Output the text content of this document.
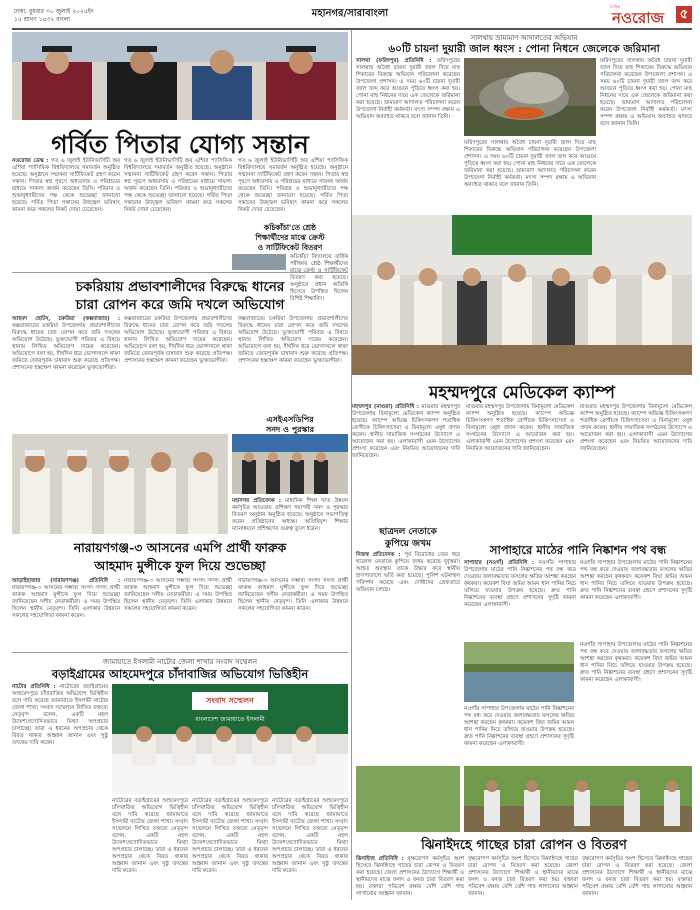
ঢাকা, বুধবার ৩০ জুলাই ২০২৫ইং
১৫ শ্রাবণ ১৪৩২ বাংলা
মহানগর/সারাবাংলা
দৈনিক
নওরোজ ৫
গর্বিত পিতার যোগ্য সন্তান
নওরোজ ডেস্ক : গত ৬ জুলাই ইউনিভার্সিটি অব এশিয়া প্যাসিফিক বিশ্ববিদ্যালয়ে সমাবর্তন অনুষ্ঠিত হয়েছে। অনুষ্ঠানে সম্মাননা সার্টিফিকেট গ্রহণ করেন সন্তান। পিতার স্বপ্ন পূরণে অধ্যবসায় ও পরিশ্রমের মাধ্যমে সাফল্য অর্জন করেছেন তিনি। পরিবার ও শুভানুধ্যায়ীদের পক্ষ থেকে শুভেচ্ছা জানানো হয়েছে। গর্বিত পিতা সন্তানের উজ্জ্বল ভবিষ্যৎ কামনা করে সকলের নিকট দোয়া চেয়েছেন।
গত ৬ জুলাই ইউনিভার্সিটি অব এশিয়া প্যাসিফিক বিশ্ববিদ্যালয়ে সমাবর্তন অনুষ্ঠিত হয়েছে। অনুষ্ঠানে সম্মাননা সার্টিফিকেট গ্রহণ করেন সন্তান। পিতার স্বপ্ন পূরণে অধ্যবসায় ও পরিশ্রমের মাধ্যমে সাফল্য অর্জন করেছেন তিনি। পরিবার ও শুভানুধ্যায়ীদের পক্ষ থেকে শুভেচ্ছা জানানো হয়েছে। গর্বিত পিতা সন্তানের উজ্জ্বল ভবিষ্যৎ কামনা করে সকলের নিকট দোয়া চেয়েছেন।
গত ৬ জুলাই ইউনিভার্সিটি অব এশিয়া প্যাসিফিক বিশ্ববিদ্যালয়ে সমাবর্তন অনুষ্ঠিত হয়েছে। অনুষ্ঠানে সম্মাননা সার্টিফিকেট গ্রহণ করেন সন্তান। পিতার স্বপ্ন পূরণে অধ্যবসায় ও পরিশ্রমের মাধ্যমে সাফল্য অর্জন করেছেন তিনি। পরিবার ও শুভানুধ্যায়ীদের পক্ষ থেকে শুভেচ্ছা জানানো হয়েছে। গর্বিত পিতা সন্তানের উজ্জ্বল ভবিষ্যৎ কামনা করে সকলের নিকট দোয়া চেয়েছেন।
সালথায় ভ্রাম্যমাণ আদালতের অভিযান
৬০টি চায়না দুয়ারী জাল ধ্বংস : পোনা নিধনে জেলেকে জরিমানা
সালথা (ফরিদপুর) প্রতিনিধি : ফরিদপুরের সালথায় অবৈধ চায়না দুয়ারী জাল দিয়ে মাছ শিকারের বিরুদ্ধে অভিযান পরিচালনা করেছেন উপজেলা প্রশাসন। এ সময় ৬০টি চায়না দুয়ারী জাল জব্দ করে আগুনে পুড়িয়ে ধ্বংস করা হয়। পোনা মাছ নিধনের দায়ে এক জেলেকে জরিমানা করা হয়েছে। ভ্রাম্যমাণ আদালত পরিচালনা করেন উপজেলা নির্বাহী কর্মকর্তা। মৎস্য সম্পদ রক্ষায় এ অভিযান অব্যাহত থাকবে বলে জানান তিনি।
ফরিদপুরের সালথায় অবৈধ চায়না দুয়ারী জাল দিয়ে মাছ শিকারের বিরুদ্ধে অভিযান পরিচালনা করেছেন উপজেলা প্রশাসন। এ সময় ৬০টি চায়না দুয়ারী জাল জব্দ করে আগুনে পুড়িয়ে ধ্বংস করা হয়। পোনা মাছ নিধনের দায়ে এক জেলেকে জরিমানা করা হয়েছে। ভ্রাম্যমাণ আদালত পরিচালনা করেন উপজেলা নির্বাহী কর্মকর্তা। মৎস্য সম্পদ রক্ষায় এ অভিযান অব্যাহত থাকবে বলে জানান তিনি।
ফরিদপুরের সালথায় অবৈধ চায়না দুয়ারী জাল দিয়ে মাছ শিকারের বিরুদ্ধে অভিযান পরিচালনা করেছেন উপজেলা প্রশাসন। এ সময় ৬০টি চায়না দুয়ারী জাল জব্দ করে আগুনে পুড়িয়ে ধ্বংস করা হয়। পোনা মাছ নিধনের দায়ে এক জেলেকে জরিমানা করা হয়েছে। ভ্রাম্যমাণ আদালত পরিচালনা করেন উপজেলা নির্বাহী কর্মকর্তা। মৎস্য সম্পদ রক্ষায় এ অভিযান অব্যাহত থাকবে বলে জানান তিনি।
মহম্মদপুরে মেডিকেল ক্যাম্প
মহম্মদপুর (মাগুরা) প্রতিনিধি : মাগুরার মহম্মদপুর উপজেলায় বিনামূল্যে মেডিকেল ক্যাম্প অনুষ্ঠিত হয়েছে। ক্যাম্পে অভিজ্ঞ চিকিৎসকগণ শতাধিক রোগীকে চিকিৎসাসেবা ও বিনামূল্যে ওষুধ প্রদান করেন। স্থানীয় সামাজিক সংগঠনের উদ্যোগে এ আয়োজন করা হয়। এলাকাবাসী এমন উদ্যোগের প্রশংসা করেছেন এবং নিয়মিত আয়োজনের দাবি জানিয়েছেন।
মাগুরার মহম্মদপুর উপজেলায় বিনামূল্যে মেডিকেল ক্যাম্প অনুষ্ঠিত হয়েছে। ক্যাম্পে অভিজ্ঞ চিকিৎসকগণ শতাধিক রোগীকে চিকিৎসাসেবা ও বিনামূল্যে ওষুধ প্রদান করেন। স্থানীয় সামাজিক সংগঠনের উদ্যোগে এ আয়োজন করা হয়। এলাকাবাসী এমন উদ্যোগের প্রশংসা করেছেন এবং নিয়মিত আয়োজনের দাবি জানিয়েছেন।
মাগুরার মহম্মদপুর উপজেলায় বিনামূল্যে মেডিকেল ক্যাম্প অনুষ্ঠিত হয়েছে। ক্যাম্পে অভিজ্ঞ চিকিৎসকগণ শতাধিক রোগীকে চিকিৎসাসেবা ও বিনামূল্যে ওষুধ প্রদান করেন। স্থানীয় সামাজিক সংগঠনের উদ্যোগে এ আয়োজন করা হয়। এলাকাবাসী এমন উদ্যোগের প্রশংসা করেছেন এবং নিয়মিত আয়োজনের দাবি জানিয়েছেন।
চকরিয়ায় প্রভাবশালীদের বিরুদ্ধে ধানের
চারা রোপন করে জমি দখলে অভিযোগ
আহমদ ছোটন, চকরিয়া (কক্সবাজার) : কক্সবাজারের চকরিয়া উপজেলায় প্রভাবশালীদের বিরুদ্ধে ধানের চারা রোপন করে জমি দখলের অভিযোগ উঠেছে। ভুক্তভোগী পরিবার এ বিষয়ে থানায় লিখিত অভিযোগ দায়ের করেছেন। অভিযোগে বলা হয়, দীর্ঘদিন ধরে ভোগদখলে থাকা জমিতে জোরপূর্বক চাষাবাদ শুরু করেছে প্রতিপক্ষ। প্রশাসনের হস্তক্ষেপ কামনা করেছেন ভুক্তভোগীরা।
কক্সবাজারের চকরিয়া উপজেলায় প্রভাবশালীদের বিরুদ্ধে ধানের চারা রোপন করে জমি দখলের অভিযোগ উঠেছে। ভুক্তভোগী পরিবার এ বিষয়ে থানায় লিখিত অভিযোগ দায়ের করেছেন। অভিযোগে বলা হয়, দীর্ঘদিন ধরে ভোগদখলে থাকা জমিতে জোরপূর্বক চাষাবাদ শুরু করেছে প্রতিপক্ষ। প্রশাসনের হস্তক্ষেপ কামনা করেছেন ভুক্তভোগীরা।
কক্সবাজারের চকরিয়া উপজেলায় প্রভাবশালীদের বিরুদ্ধে ধানের চারা রোপন করে জমি দখলের অভিযোগ উঠেছে। ভুক্তভোগী পরিবার এ বিষয়ে থানায় লিখিত অভিযোগ দায়ের করেছেন। অভিযোগে বলা হয়, দীর্ঘদিন ধরে ভোগদখলে থাকা জমিতে জোরপূর্বক চাষাবাদ শুরু করেছে প্রতিপক্ষ। প্রশাসনের হস্তক্ষেপ কামনা করেছেন ভুক্তভোগীরা।
কচিকাঁচা'তে শ্রেষ্ঠ
শিক্ষার্থীদের মাঝে ক্রেস্ট
ও সার্টিফিকেট বিতরণ
কচিকাঁচা বিদ্যালয়ে বার্ষিক পরীক্ষায় শ্রেষ্ঠ শিক্ষার্থীদের মাঝে ক্রেস্ট ও সার্টিফিকেট বিতরণ করা হয়েছে। অনুষ্ঠানে প্রধান অতিথি হিসেবে উপস্থিত ছিলেন বিশিষ্ট শিক্ষাবিদ।
এসইএসডিপির
সনদ ও পুরস্কার
মহানগর প্রতিবেদক : মাধ্যমিক শিক্ষা খাত উন্নয়ন কর্মসূচির আওতায় প্রশিক্ষণ সমাপনী সনদ ও পুরস্কার বিতরণ অনুষ্ঠান অনুষ্ঠিত হয়েছে। অনুষ্ঠানে সভাপতিত্ব করেন প্রতিষ্ঠানের অধ্যক্ষ। অতিথিবৃন্দ শিক্ষার মানোন্নয়নে প্রশিক্ষণের গুরুত্ব তুলে ধরেন।
নারায়ণগঞ্জ-৩ আসনের এমপি প্রার্থী ফারুক
আহমাদ মুন্সীকে ফুল দিয়ে শুভেচ্ছা
আড়াইহাজার (নারায়ণগঞ্জ) প্রতিনিধি : নারায়ণগঞ্জ-৩ আসনের সম্ভাব্য সংসদ সদস্য প্রার্থী ফারুক আহমাদ মুন্সীকে ফুল দিয়ে শুভেচ্ছা জানিয়েছেন দলীয় নেতাকর্মীরা। এ সময় উপস্থিত ছিলেন স্থানীয় নেতৃবৃন্দ। তিনি এলাকার উন্নয়নে সকলের সহযোগিতা কামনা করেন।
নারায়ণগঞ্জ-৩ আসনের সম্ভাব্য সংসদ সদস্য প্রার্থী ফারুক আহমাদ মুন্সীকে ফুল দিয়ে শুভেচ্ছা জানিয়েছেন দলীয় নেতাকর্মীরা। এ সময় উপস্থিত ছিলেন স্থানীয় নেতৃবৃন্দ। তিনি এলাকার উন্নয়নে সকলের সহযোগিতা কামনা করেন।
নারায়ণগঞ্জ-৩ আসনের সম্ভাব্য সংসদ সদস্য প্রার্থী ফারুক আহমাদ মুন্সীকে ফুল দিয়ে শুভেচ্ছা জানিয়েছেন দলীয় নেতাকর্মীরা। এ সময় উপস্থিত ছিলেন স্থানীয় নেতৃবৃন্দ। তিনি এলাকার উন্নয়নে সকলের সহযোগিতা কামনা করেন।
ছাত্রদল নেতাকে
কুপিয়ে জখম
নিজস্ব প্রতিবেদক : পূর্ব বিরোধের জের ধরে ছাত্রদল নেতাকে কুপিয়ে জখম করেছে দুর্বৃত্তরা। আহত অবস্থায় তাকে উদ্ধার করে স্থানীয় হাসপাতালে ভর্তি করা হয়েছে। পুলিশ ঘটনাস্থল পরিদর্শন করেছে এবং দোষীদের গ্রেফতারে অভিযান চলছে।
সাপাহারে মাঠের পানি নিষ্কাশন পথ বন্ধ
সাপাহার (নওগাঁ) প্রতিনিধি : নওগাঁর সাপাহার উপজেলায় মাঠের পানি নিষ্কাশনের পথ বন্ধ করে দেওয়ায় জলাবদ্ধতায় ফসলের ক্ষতির আশঙ্কা করছেন কৃষকরা। কয়েকশ বিঘা জমির আমন ধান পানির নিচে তলিয়ে যাওয়ার উপক্রম হয়েছে। দ্রুত পানি নিষ্কাশনের ব্যবস্থা গ্রহণে প্রশাসনের সুদৃষ্টি কামনা করেছেন এলাকাবাসী।
নওগাঁর সাপাহার উপজেলায় মাঠের পানি নিষ্কাশনের পথ বন্ধ করে দেওয়ায় জলাবদ্ধতায় ফসলের ক্ষতির আশঙ্কা করছেন কৃষকরা। কয়েকশ বিঘা জমির আমন ধান পানির নিচে তলিয়ে যাওয়ার উপক্রম হয়েছে। দ্রুত পানি নিষ্কাশনের ব্যবস্থা গ্রহণে প্রশাসনের সুদৃষ্টি কামনা করেছেন এলাকাবাসী।
নওগাঁর সাপাহার উপজেলায় মাঠের পানি নিষ্কাশনের পথ বন্ধ করে দেওয়ায় জলাবদ্ধতায় ফসলের ক্ষতির আশঙ্কা করছেন কৃষকরা। কয়েকশ বিঘা জমির আমন ধান পানির নিচে তলিয়ে যাওয়ার উপক্রম হয়েছে। দ্রুত পানি নিষ্কাশনের ব্যবস্থা গ্রহণে প্রশাসনের সুদৃষ্টি কামনা করেছেন এলাকাবাসী।
নওগাঁর সাপাহার উপজেলায় মাঠের পানি নিষ্কাশনের পথ বন্ধ করে দেওয়ায় জলাবদ্ধতায় ফসলের ক্ষতির আশঙ্কা করছেন কৃষকরা। কয়েকশ বিঘা জমির আমন ধান পানির নিচে তলিয়ে যাওয়ার উপক্রম হয়েছে। দ্রুত পানি নিষ্কাশনের ব্যবস্থা গ্রহণে প্রশাসনের সুদৃষ্টি কামনা করেছেন এলাকাবাসী।
জামায়াতে ইসলামী নাটোর জেলা শাখার সংবাদ সম্মেলন
বড়াইগ্রামের আহমেদপুরে চাঁদাবাজির অভিযোগ ভিত্তিহীন
নাটোর প্রতিনিধি : নাটোরের বড়াইগ্রামের আহমেদপুরে চাঁদাবাজির অভিযোগ ভিত্তিহীন বলে দাবি করেছে জামায়াতে ইসলামী নাটোর জেলা শাখা। সংবাদ সম্মেলনে লিখিত বক্তব্যে নেতৃবৃন্দ বলেন, একটি মহল উদ্দেশ্যপ্রণোদিতভাবে মিথ্যা অপপ্রচার চালাচ্ছে। তারা এ ধরনের অপপ্রচার থেকে বিরত থাকার আহ্বান জানান এবং সুষ্ঠু তদন্তের দাবি করেন।
সংবাদ সম্মেলন
বাংলাদেশ জামায়াতে ইসলামী
নাটোরের বড়াইগ্রামের আহমেদপুরে চাঁদাবাজির অভিযোগ ভিত্তিহীন বলে দাবি করেছে জামায়াতে ইসলামী নাটোর জেলা শাখা। সংবাদ সম্মেলনে লিখিত বক্তব্যে নেতৃবৃন্দ বলেন, একটি মহল উদ্দেশ্যপ্রণোদিতভাবে মিথ্যা অপপ্রচার চালাচ্ছে। তারা এ ধরনের অপপ্রচার থেকে বিরত থাকার আহ্বান জানান এবং সুষ্ঠু তদন্তের দাবি করেন।
নাটোরের বড়াইগ্রামের আহমেদপুরে চাঁদাবাজির অভিযোগ ভিত্তিহীন বলে দাবি করেছে জামায়াতে ইসলামী নাটোর জেলা শাখা। সংবাদ সম্মেলনে লিখিত বক্তব্যে নেতৃবৃন্দ বলেন, একটি মহল উদ্দেশ্যপ্রণোদিতভাবে মিথ্যা অপপ্রচার চালাচ্ছে। তারা এ ধরনের অপপ্রচার থেকে বিরত থাকার আহ্বান জানান এবং সুষ্ঠু তদন্তের দাবি করেন।
নাটোরের বড়াইগ্রামের আহমেদপুরে চাঁদাবাজির অভিযোগ ভিত্তিহীন বলে দাবি করেছে জামায়াতে ইসলামী নাটোর জেলা শাখা। সংবাদ সম্মেলনে লিখিত বক্তব্যে নেতৃবৃন্দ বলেন, একটি মহল উদ্দেশ্যপ্রণোদিতভাবে মিথ্যা অপপ্রচার চালাচ্ছে। তারা এ ধরনের অপপ্রচার থেকে বিরত থাকার আহ্বান জানান এবং সুষ্ঠু তদন্তের দাবি করেন।
ঝিনাইদহে গাছের চারা রোপন ও বিতরণ
ঝিনাইদহ প্রতিনিধি : বৃক্ষরোপণ কর্মসূচির অংশ হিসেবে ঝিনাইদহে গাছের চারা রোপন ও বিতরণ করা হয়েছে। জেলা প্রশাসনের উদ্যোগে শিক্ষার্থী ও স্থানীয়দের মাঝে ফলদ ও বনজ চারা বিতরণ করা হয়। বক্তারা পরিবেশ রক্ষায় বেশি বেশি গাছ লাগানোর আহ্বান জানান।
বৃক্ষরোপণ কর্মসূচির অংশ হিসেবে ঝিনাইদহে গাছের চারা রোপন ও বিতরণ করা হয়েছে। জেলা প্রশাসনের উদ্যোগে শিক্ষার্থী ও স্থানীয়দের মাঝে ফলদ ও বনজ চারা বিতরণ করা হয়। বক্তারা পরিবেশ রক্ষায় বেশি বেশি গাছ লাগানোর আহ্বান জানান।
বৃক্ষরোপণ কর্মসূচির অংশ হিসেবে ঝিনাইদহে গাছের চারা রোপন ও বিতরণ করা হয়েছে। জেলা প্রশাসনের উদ্যোগে শিক্ষার্থী ও স্থানীয়দের মাঝে ফলদ ও বনজ চারা বিতরণ করা হয়। বক্তারা পরিবেশ রক্ষায় বেশি বেশি গাছ লাগানোর আহ্বান জানান।
